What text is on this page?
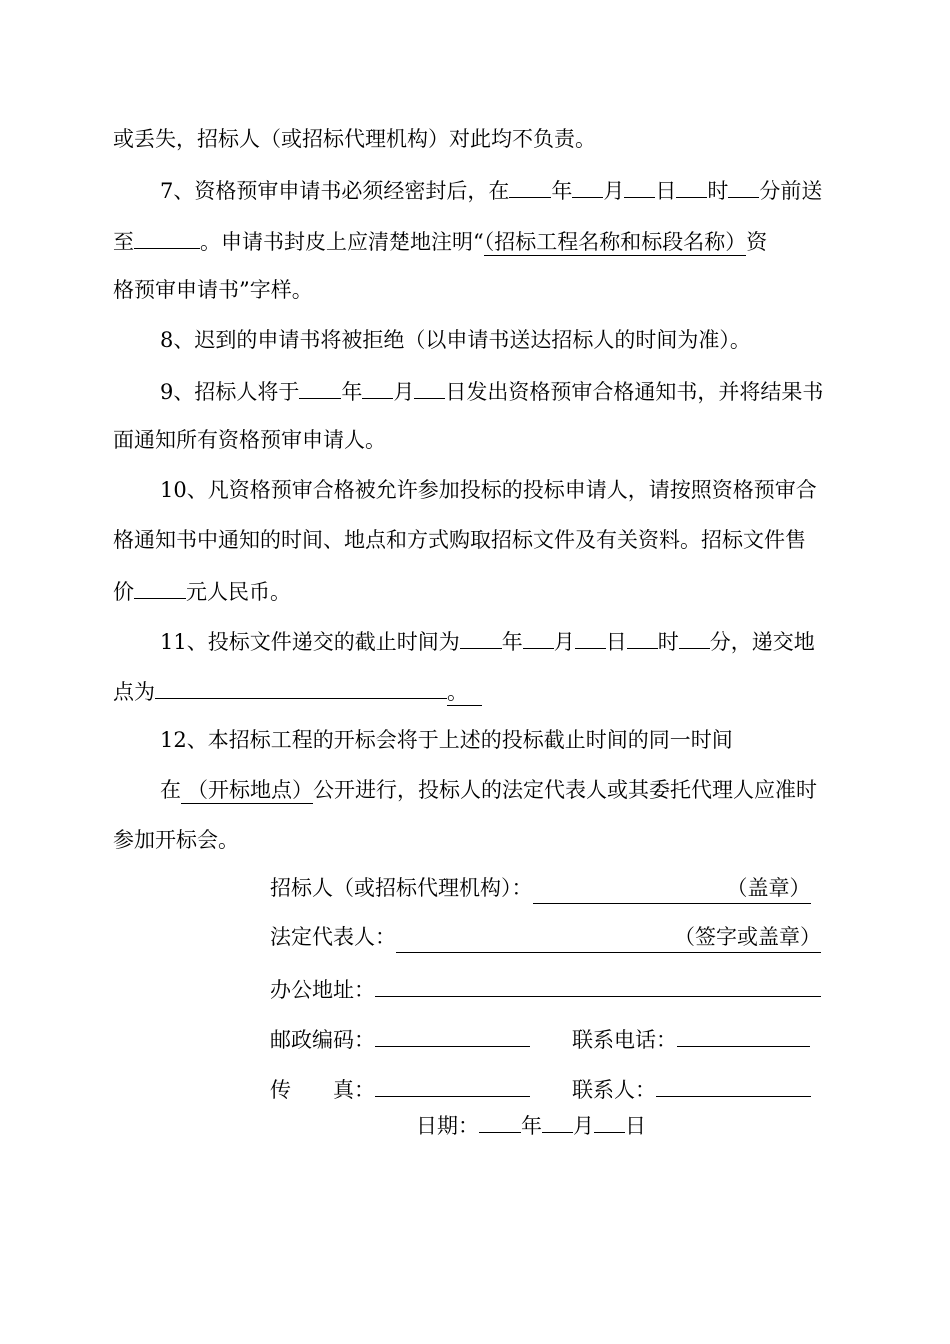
或丢失，招标人（或招标代理机构）对此均不负责。
7、资格预审申请书必须经密封后，在 年 月 日 时 分前送
至	。申请书封皮上应清楚地注明“（招标工程名称和标段名称）资
格预审申请书”字样。
8、迟到的申请书将被拒绝（以申请书送达招标人的时间为准）。
9、招标人将于 年 月 日发出资格预审合格通知书，并将结果书
面通知所有资格预审申请人。
10、凡资格预审合格被允许参加投标的投标申请人，请按照资格预审合
格通知书中通知的时间、地点和方式购取招标文件及有关资料。招标文件售
价 元人民币。
11、投标文件递交的截止时间为 年 月 日 时 分，递交地
点为	。
12、本招标工程的开标会将于上述的投标截止时间的同一时间
在 （开标地点）公开进行，投标人的法定代表人或其委托代理人应准时
参加开标会。
招标人（或招标代理机构）：	（盖章）
法定代表人：	（签字或盖章）
办公地址：
邮政编码：	联系电话：
传　　真：	联系人：
日期： 年 月 日
